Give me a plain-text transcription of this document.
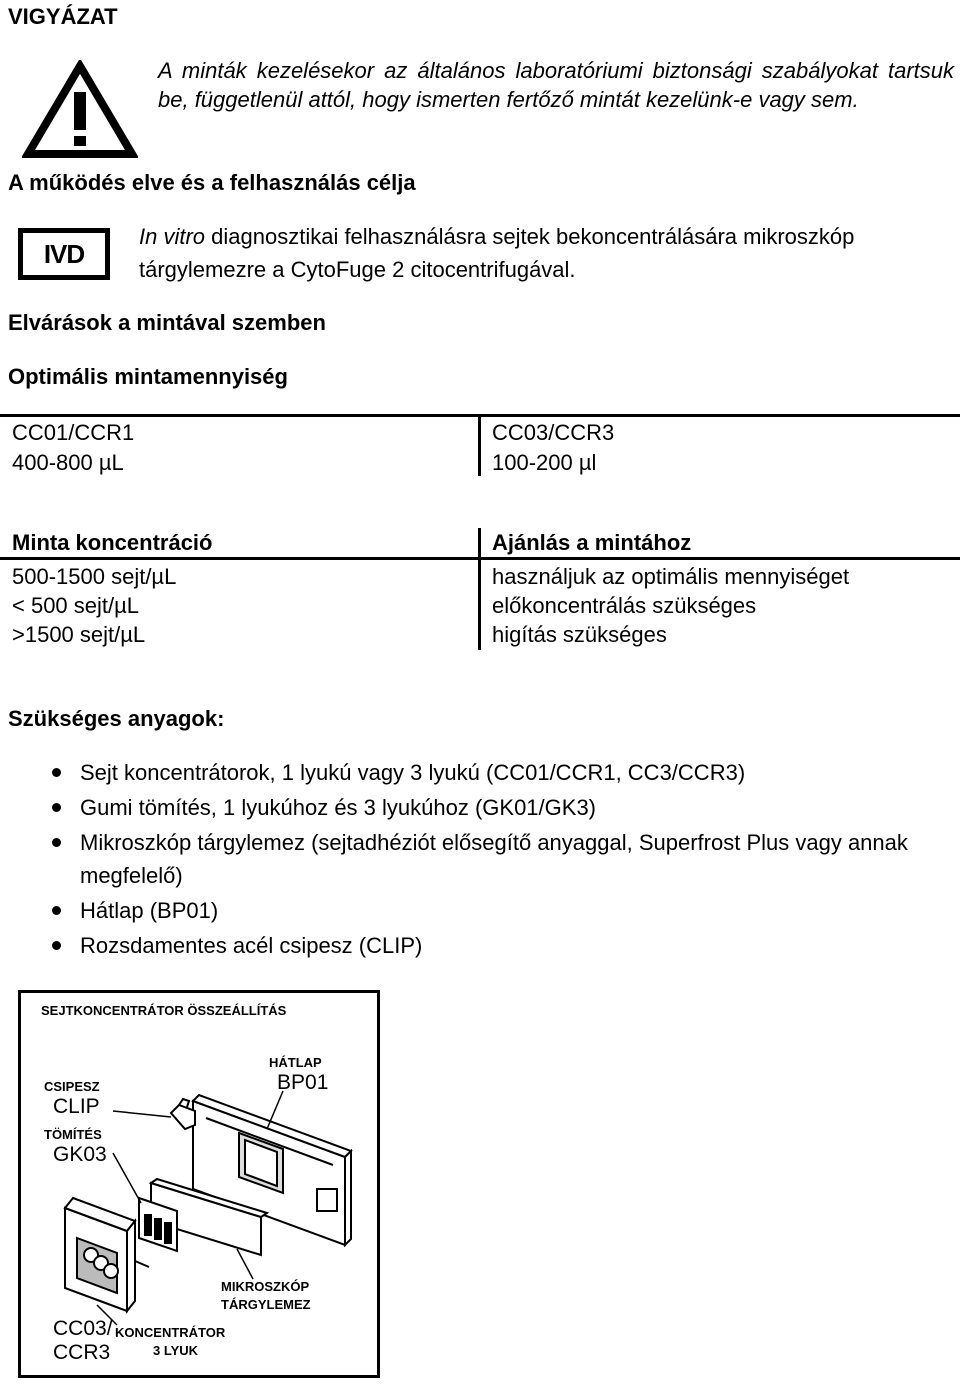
VIGYÁZAT
A minták kezelésekor az általános laboratóriumi biztonsági szabályokat tartsuk be, függetlenül attól, hogy ismerten fertőző mintát kezelünk-e vagy sem.
A működés elve és a felhasználás célja
IVD
In vitro diagnosztikai felhasználásra sejtek bekoncentrálására mikroszkóp tárgylemezre a CytoFuge 2 citocentrifugával.
Elvárások a mintával szemben
Optimális mintamennyiség
CC01/CCR1
400-800 µL
CC03/CCR3
100-200 µl
Minta koncentráció	Ajánlás a mintához
500-1500 sejt/µL
< 500 sejt/µL
>1500 sejt/µL
használjuk az optimális mennyiséget
előkoncentrálás szükséges
higítás szükséges
Szükséges anyagok:
Sejt koncentrátorok, 1 lyukú vagy 3 lyukú (CC01/CCR1, CC3/CCR3)
Gumi tömítés, 1 lyukúhoz és 3 lyukúhoz (GK01/GK3)
Mikroszkóp tárgylemez (sejtadhéziót elősegítő anyaggal, Superfrost Plus vagy annak megfelelő)
Hátlap (BP01)
Rozsdamentes acél csipesz (CLIP)
SEJTKONCENTRÁTOR ÖSSZEÁLLÍTÁS
CSIPESZ
CLIP
TÖMÍTÉS
GK03
HÁTLAP
BP01
MIKROSZKÓP
TÁRGYLEMEZ
CC03/
CCR3
KONCENTRÁTOR
3 LYUK
